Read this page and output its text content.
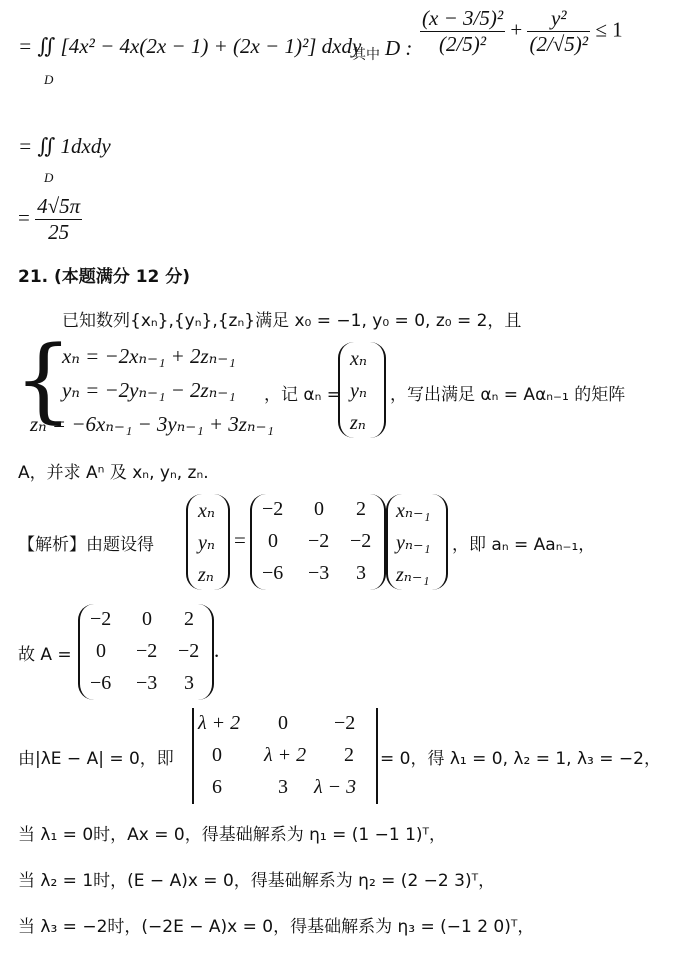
= ∬ [4x² − 4x(2x − 1) + (2x − 1)²] dxdy
D
其中 D : $\frac{\text{(x − 3/5)²}}{\text{(2/5)²}} + \frac{\text{y²}}{\text{(2/√5)²}} \le 1$
= ∬ 1dxdy
D
= $\frac{4√5\pi}{25}$
21. (本题满分 12 分)
已知数列{xₙ},{yₙ},{zₙ}满足 x₀ = −1, y₀ = 0, z₀ = 2，且
{
xₙ = −2xₙ₋₁ + 2zₙ₋₁
yₙ = −2yₙ₋₁ − 2zₙ₋₁
zₙ = −6xₙ₋₁ − 3yₙ₋₁ + 3zₙ₋₁
，记 αₙ =
xₙ
yₙ
zₙ
，写出满足 αₙ = Aαₙ₋₁ 的矩阵
A，并求 Aⁿ 及 xₙ, yₙ, zₙ.
【解析】由题设得
xₙ
yₙ
zₙ
=
−2 0 2
0 −2 −2
−6 −3 3
xₙ₋₁
yₙ₋₁
zₙ₋₁
，即 aₙ = Aaₙ₋₁，
故 A =
−2 0 2
0 −2 −2
−6 −3 3
.
由|λE − A| = 0，即
λ + 2 0 −2
0 λ + 2 2
6	3 λ − 3
= 0，得 λ₁ = 0, λ₂ = 1, λ₃ = −2，
当 λ₁ = 0时，Ax = 0，得基础解系为 η₁ = (1 −1 1)ᵀ，
当 λ₂ = 1时，(E − A)x = 0，得基础解系为 η₂ = (2 −2 3)ᵀ，
当 λ₃ = −2时，(−2E − A)x = 0，得基础解系为 η₃ = (−1 2 0)ᵀ，
